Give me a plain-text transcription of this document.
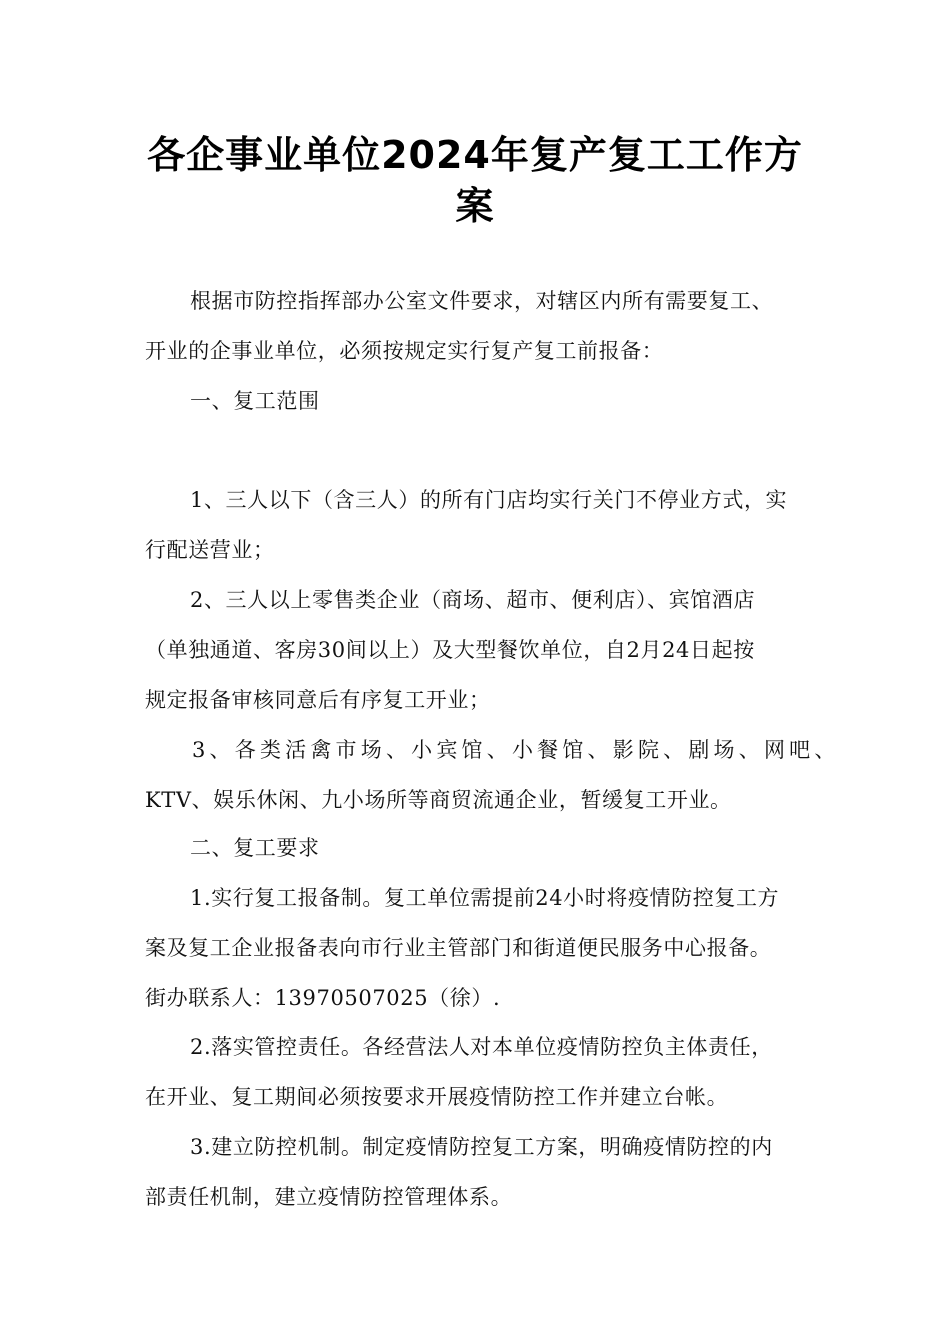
各企事业单位2024年复产复工工作方
案

根据市防控指挥部办公室文件要求，对辖区内所有需要复工、

开业的企事业单位，必须按规定实行复产复工前报备：

一、复工范围

1、三人以下（含三人）的所有门店均实行关门不停业方式，实

行配送营业；

2、三人以上零售类企业（商场、超市、便利店）、宾馆酒店

（单独通道、客房30间以上）及大型餐饮单位，自2月24日起按

规定报备审核同意后有序复工开业；

3、各类活禽市场、小宾馆、小餐馆、影院、剧场、网吧、

KTV、娱乐休闲、九小场所等商贸流通企业，暂缓复工开业。

二、复工要求

1.实行复工报备制。复工单位需提前24小时将疫情防控复工方

案及复工企业报备表向市行业主管部门和街道便民服务中心报备。

街办联系人：13970507025（徐）.

2.落实管控责任。各经营法人对本单位疫情防控负主体责任，

在开业、复工期间必须按要求开展疫情防控工作并建立台帐。

3.建立防控机制。制定疫情防控复工方案，明确疫情防控的内

部责任机制，建立疫情防控管理体系。
